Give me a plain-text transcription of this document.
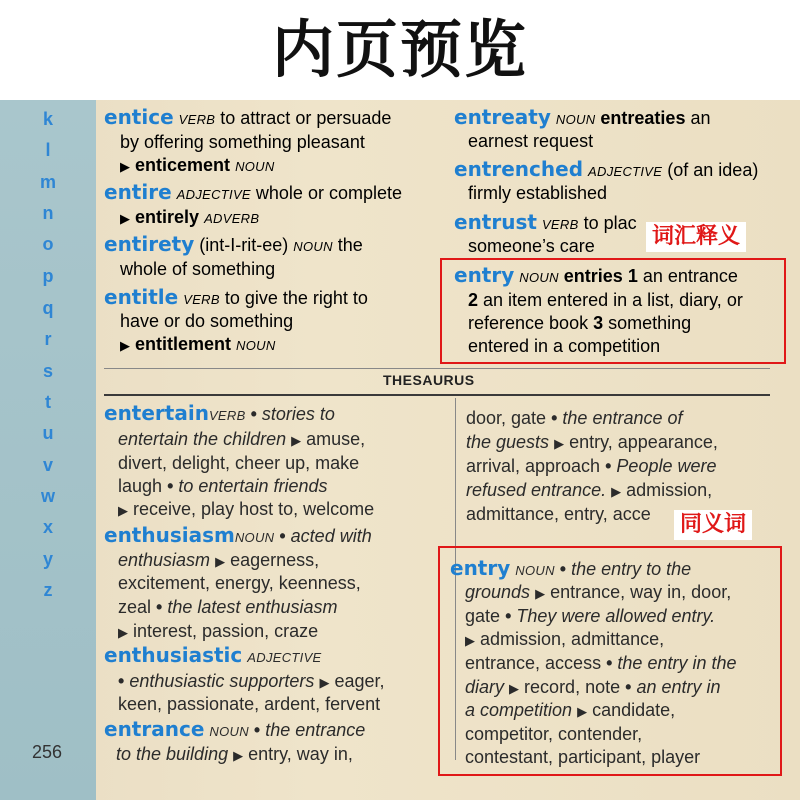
内页预览
k
l
m
n
o
p
q
r
s
t
u
v
w
x
y
z
256
entice VERB to attract or persuade
by offering something pleasant
▶ enticement NOUN
entire ADJECTIVE whole or complete
▶ entirely ADVERB
entirety (int-I-rit-ee) NOUN the
whole of something
entitle VERB to give the right to
have or do something
▶ entitlement NOUN
entreaty NOUN entreaties an
earnest request
entrenched ADJECTIVE (of an idea)
firmly established
entrust VERB to plac
someone’s care
entry NOUN entries 1 an entrance
2 an item entered in a list, diary, or
reference book 3 something
entered in a competition
词汇释义
THESAURUS
entertainVERB • stories to
entertain the children ▶ amuse,
divert, delight, cheer up, make
laugh • to entertain friends
▶ receive, play host to, welcome
enthusiasmNOUN • acted with
enthusiasm ▶ eagerness,
excitement, energy, keenness,
zeal • the latest enthusiasm
▶ interest, passion, craze
enthusiastic ADJECTIVE
• enthusiastic supporters ▶ eager,
keen, passionate, ardent, fervent
entrance NOUN • the entrance
to the building ▶ entry, way in,
door, gate • the entrance of
the guests ▶ entry, appearance,
arrival, approach • People were
refused entrance. ▶ admission,
admittance, entry, acce 同义词
entry NOUN • the entry to the
grounds ▶ entrance, way in, door,
gate • They were allowed entry.
▶ admission, admittance,
entrance, access • the entry in the
diary ▶ record, note • an entry in
a competition ▶ candidate,
competitor, contender,
contestant, participant, player
